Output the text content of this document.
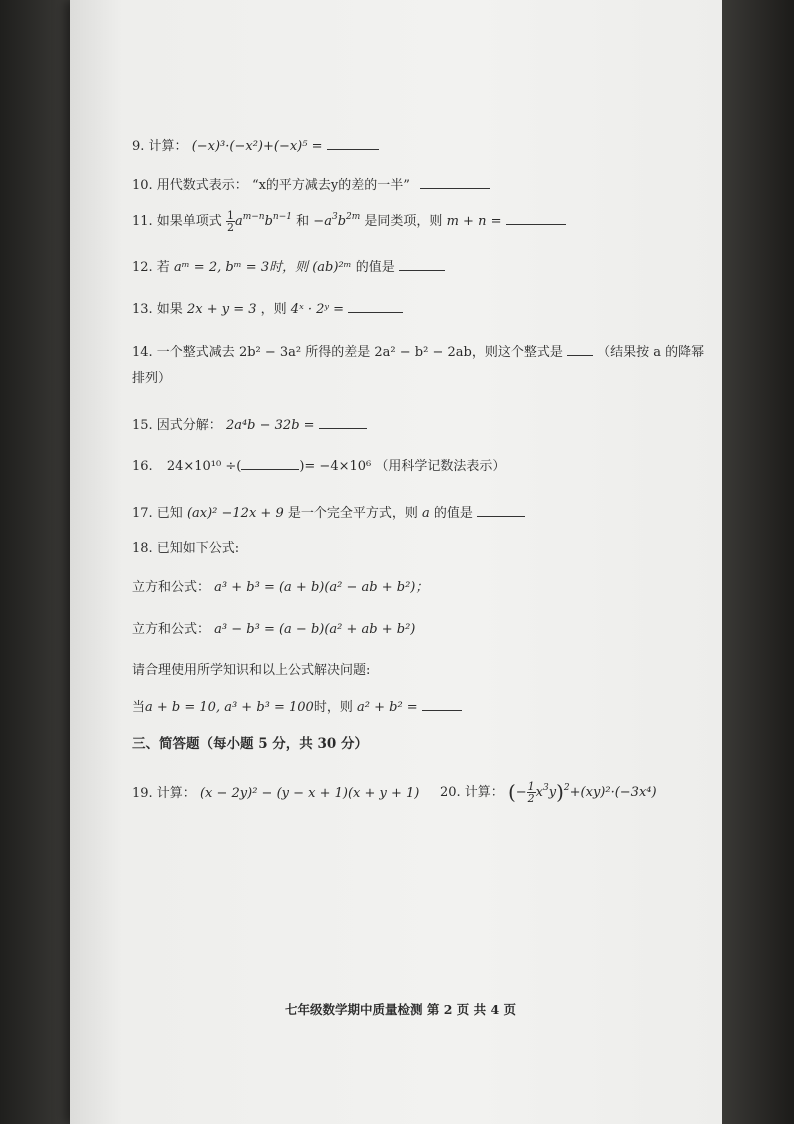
9. 计算： (−x)³·(−x²)+(−x)⁵ =
10. 用代数式表示： “x的平方减去y的差的一半”
11. 如果单项式 $\frac{1}{2} a^{m-n}b^{n-1}$ 和 $-a^3b^{2m}$ 是同类项，则 m + n =
12. 若 aᵐ = 2, bᵐ = 3时，则 (ab)²ᵐ 的值是
13. 如果 2x + y = 3 ，则 4ˣ · 2ʸ =
14. 一个整式减去 2b² − 3a² 所得的差是 2a² − b² − 2ab，则这个整式是	（结果按 a 的降幂
排列）
15. 因式分解： 2a⁴b − 32b =
16. 24×10¹⁰ ÷(	)= −4×10⁶ （用科学记数法表示）
17. 已知 (ax)² −12x + 9 是一个完全平方式，则 a 的值是
18. 已知如下公式:
立方和公式： a³ + b³ = (a + b)(a² − ab + b²)；
立方和公式： a³ − b³ = (a − b)(a² + ab + b²)
请合理使用所学知识和以上公式解决问题:
当a + b = 10, a³ + b³ = 100时，则 a² + b² =
三、简答题（每小题 5 分，共 30 分）
19. 计算： (x − 2y)² − (y − x + 1)(x + y + 1) 20. 计算： (− $\frac{1}{2} x^3y)^2+(xy)^2\cdot(-3x^4)$
七年级数学期中质量检测 第 2 页 共 4 页
